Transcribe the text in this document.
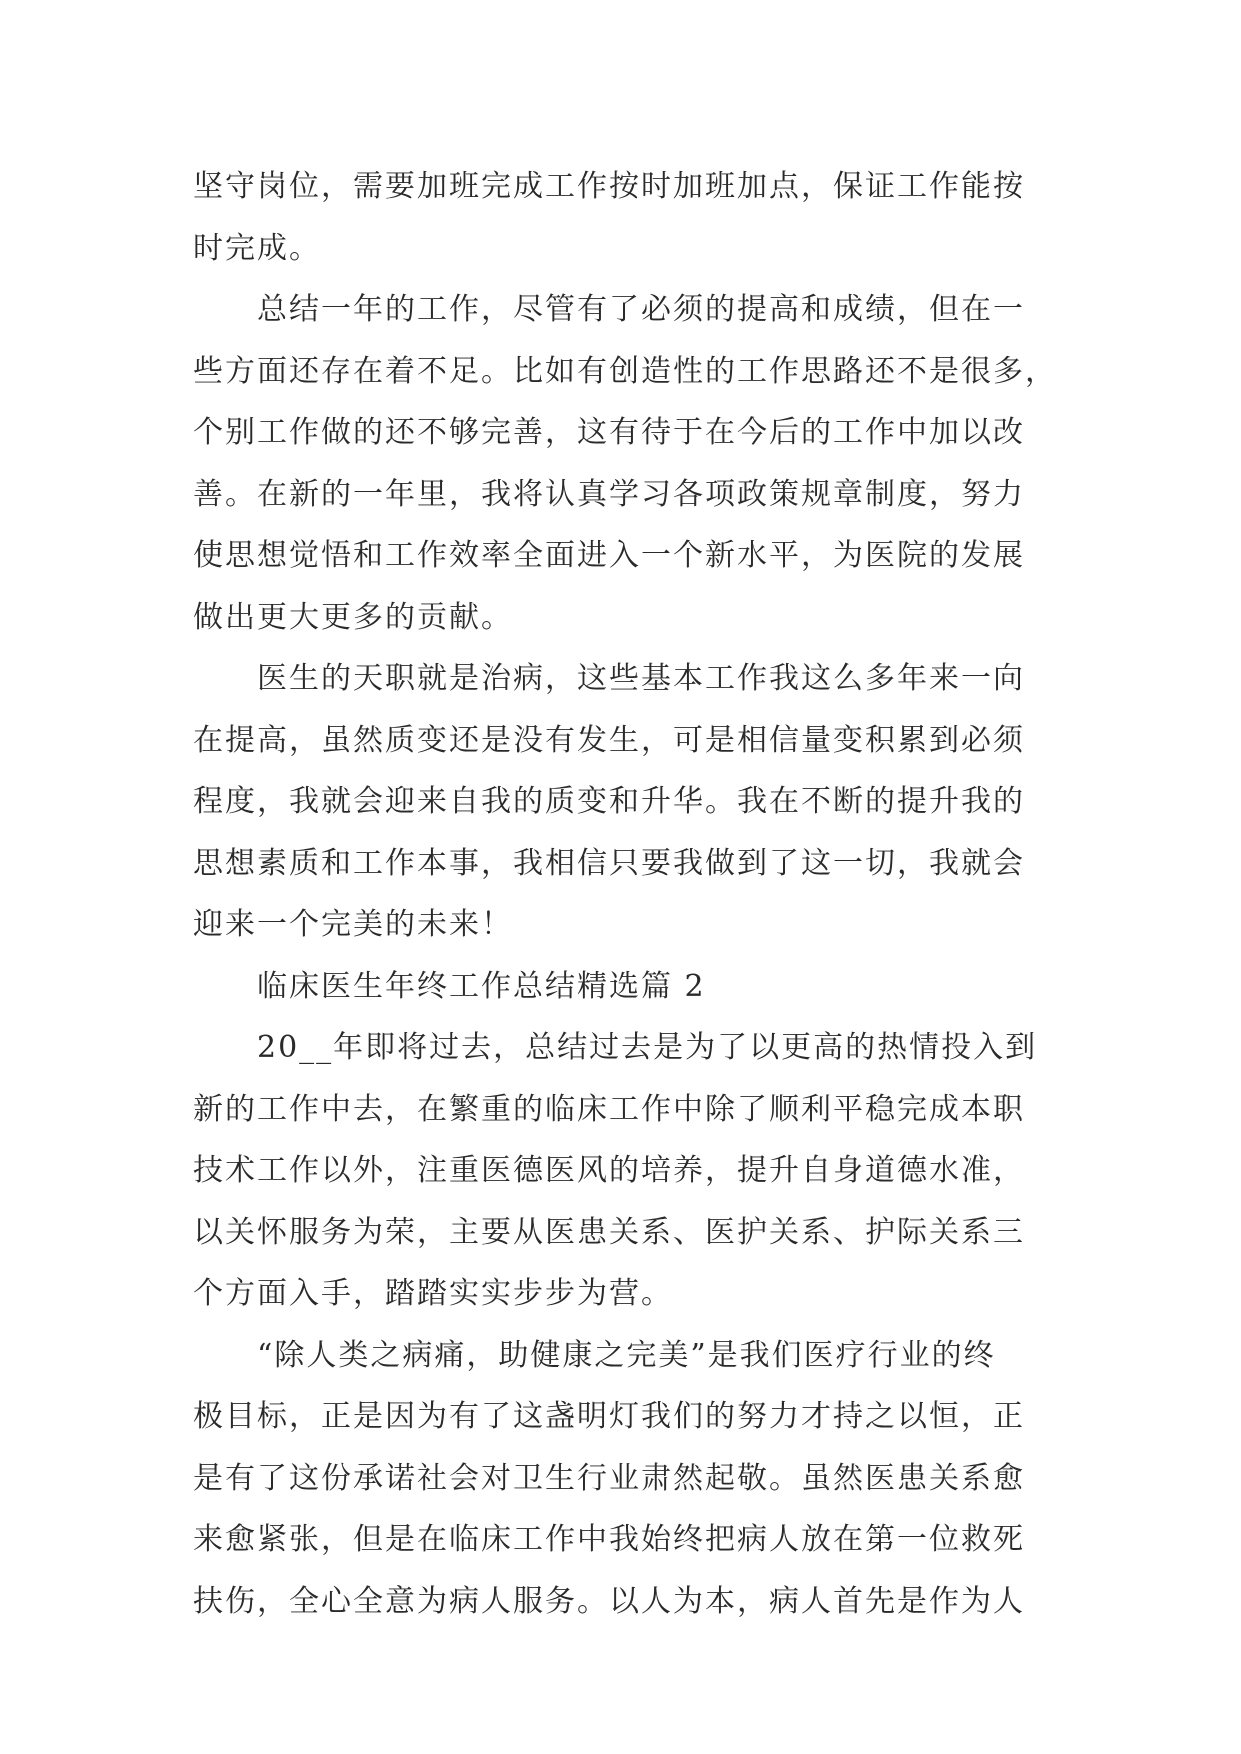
坚守岗位，需要加班完成工作按时加班加点，保证工作能按
时完成。
总结一年的工作，尽管有了必须的提高和成绩，但在一
些方面还存在着不足。比如有创造性的工作思路还不是很多，
个别工作做的还不够完善，这有待于在今后的工作中加以改
善。在新的一年里，我将认真学习各项政策规章制度，努力
使思想觉悟和工作效率全面进入一个新水平，为医院的发展
做出更大更多的贡献。
医生的天职就是治病，这些基本工作我这么多年来一向
在提高，虽然质变还是没有发生，可是相信量变积累到必须
程度，我就会迎来自我的质变和升华。我在不断的提升我的
思想素质和工作本事，我相信只要我做到了这一切，我就会
迎来一个完美的未来！
临床医生年终工作总结精选篇 2
20__年即将过去，总结过去是为了以更高的热情投入到
新的工作中去，在繁重的临床工作中除了顺利平稳完成本职
技术工作以外，注重医德医风的培养，提升自身道德水准，
以关怀服务为荣，主要从医患关系、医护关系、护际关系三
个方面入手，踏踏实实步步为营。
“除人类之病痛，助健康之完美”是我们医疗行业的终
极目标，正是因为有了这盏明灯我们的努力才持之以恒，正
是有了这份承诺社会对卫生行业肃然起敬。虽然医患关系愈
来愈紧张，但是在临床工作中我始终把病人放在第一位救死
扶伤，全心全意为病人服务。以人为本，病人首先是作为人
